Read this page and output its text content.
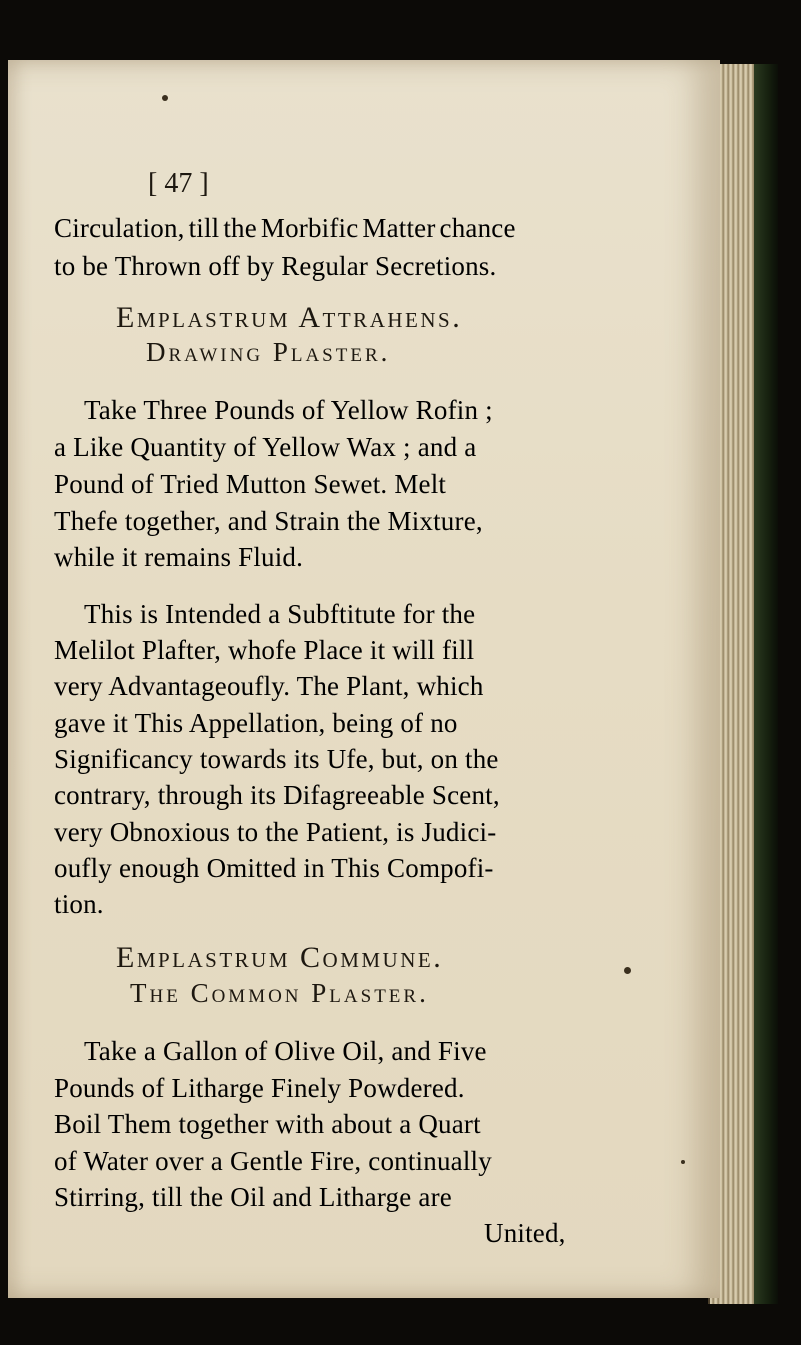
[ 47 ]
Circulation, till the Morbific Matter chance
to be Thrown off by Regular Secretions.
Emplastrum Attrahens.
Drawing Plaster.
Take Three Pounds of Yellow Rofin ;
a Like Quantity of Yellow Wax ; and a
Pound of Tried Mutton Sewet. Melt
Thefe together, and Strain the Mixture,
while it remains Fluid.
This is Intended a Subftitute for the
Melilot Plafter, whofe Place it will fill
very Advantageoufly. The Plant, which
gave it This Appellation, being of no
Significancy towards its Ufe, but, on the
contrary, through its Difagreeable Scent,
very Obnoxious to the Patient, is Judici-
oufly enough Omitted in This Compofi-
tion.
Emplastrum Commune.
The Common Plaster.
Take a Gallon of Olive Oil, and Five
Pounds of Litharge Finely Powdered.
Boil Them together with about a Quart
of Water over a Gentle Fire, continually
Stirring, till the Oil and Litharge are
United,
